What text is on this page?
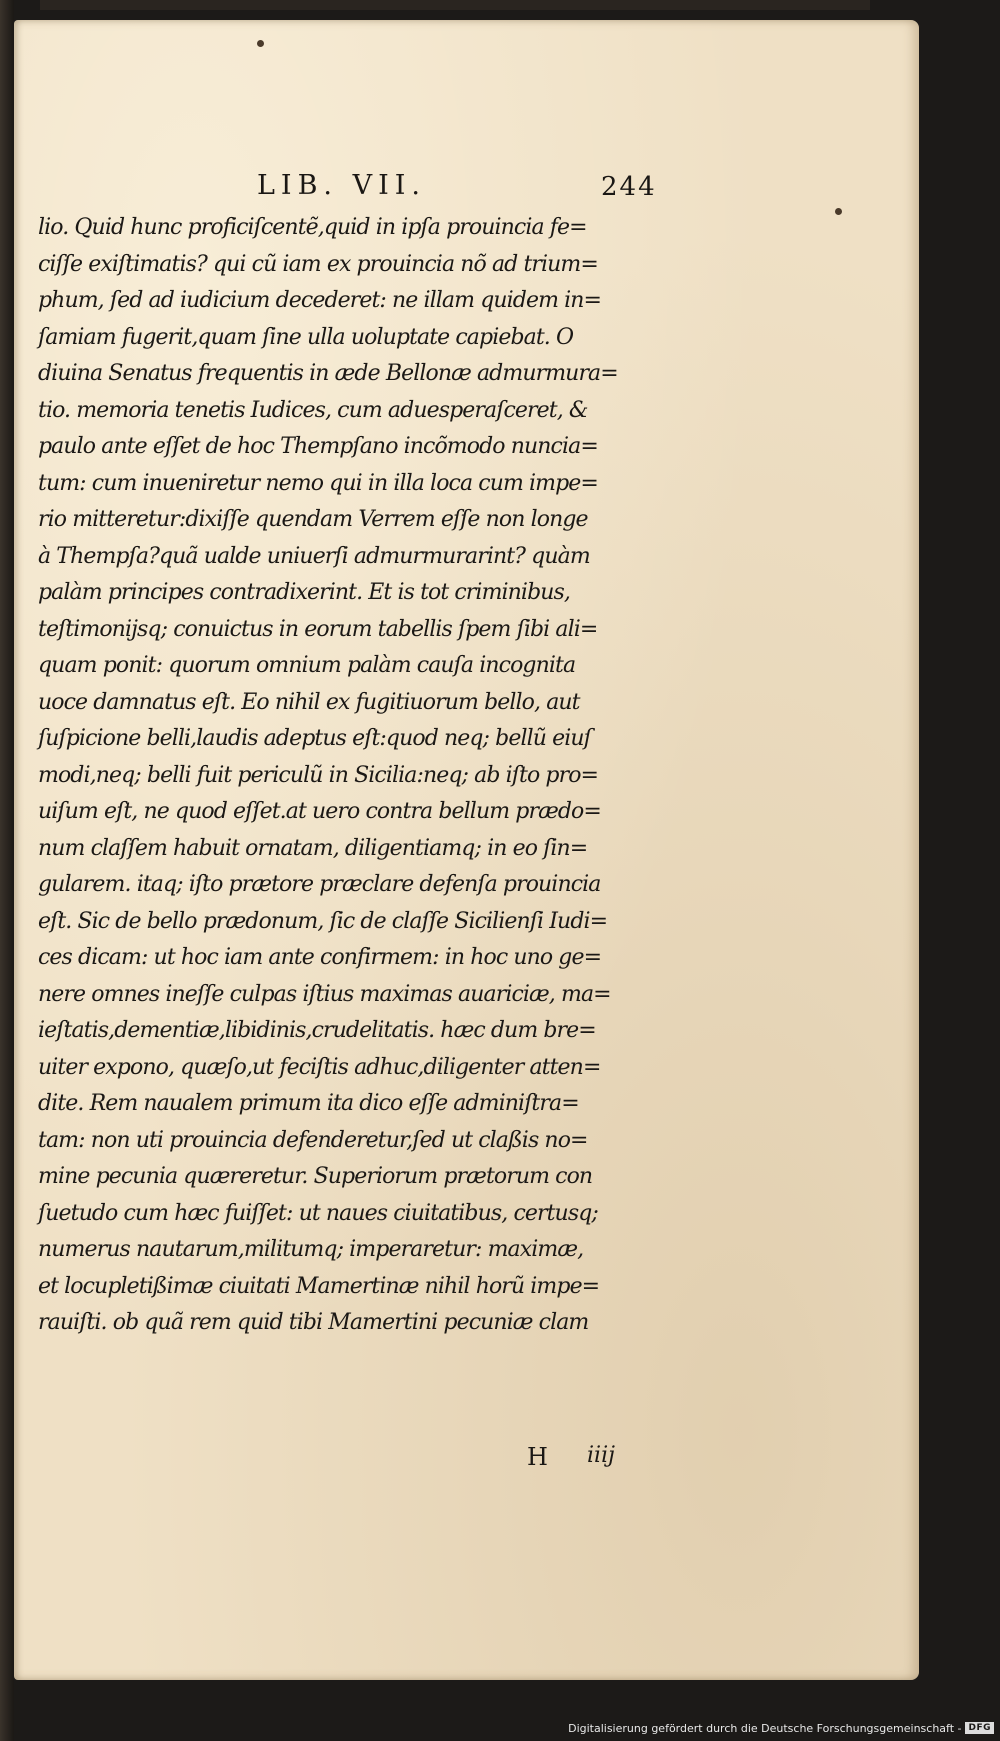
LIB. VII.	244
lio. Quid hunc proficiſcentẽ,quid in ipſa prouincia fe=
ciſſe exiſtimatis? qui cũ iam ex prouincia nõ ad trium=
phum, ſed ad iudicium decederet: ne illam quidem in=
ſamiam fugerit,quam ſine ulla uoluptate capiebat. O
diuina Senatus frequentis in æde Bellonæ admurmura=
tio. memoria tenetis Iudices, cum aduesperaſceret, &
paulo ante eſſet de hoc Thempſano incõmodo nuncia=
tum: cum inueniretur nemo qui in illa loca cum impe=
rio mitteretur:dixiſſe quendam Verrem eſſe non longe
à Thempſa?quã ualde uniuerſi admurmurarint? quàm
palàm principes contradixerint. Et is tot criminibus,
teſtimonijsq; conuictus in eorum tabellis ſpem ſibi ali=
quam ponit: quorum omnium palàm cauſa incognita
uoce damnatus eſt. Eo nihil ex fugitiuorum bello, aut
ſuſpicione belli,laudis adeptus eſt:quod neq; bellũ eiuſ
modi,neq; belli fuit periculũ in Sicilia:neq; ab iſto pro=
uiſum eſt, ne quod eſſet.at uero contra bellum prædo=
num claſſem habuit ornatam, diligentiamq; in eo ſin=
gularem. itaq; iſto prætore præclare defenſa prouincia
eſt. Sic de bello prædonum, ſic de claſſe Sicilienſi Iudi=
ces dicam: ut hoc iam ante confirmem: in hoc uno ge=
nere omnes ineſſe culpas iſtius maximas auariciæ, ma=
ieſtatis,dementiæ,libidinis,crudelitatis. hæc dum bre=
uiter expono, quæſo,ut feciſtis adhuc,diligenter atten=
dite. Rem naualem primum ita dico eſſe adminiſtra=
tam: non uti prouincia defenderetur,ſed ut claßis no=
mine pecunia quæreretur. Superiorum prætorum con
ſuetudo cum hæc fuiſſet: ut naues ciuitatibus, certusq;
numerus nautarum,militumq; imperaretur: maximæ,
et locupletißimæ ciuitati Mamertinæ nihil horũ impe=
rauiſti. ob quã rem quid tibi Mamertini pecuniæ clam
H iiij
Digitalisierung gefördert durch die Deutsche Forschungsgemeinschaft - DFG
